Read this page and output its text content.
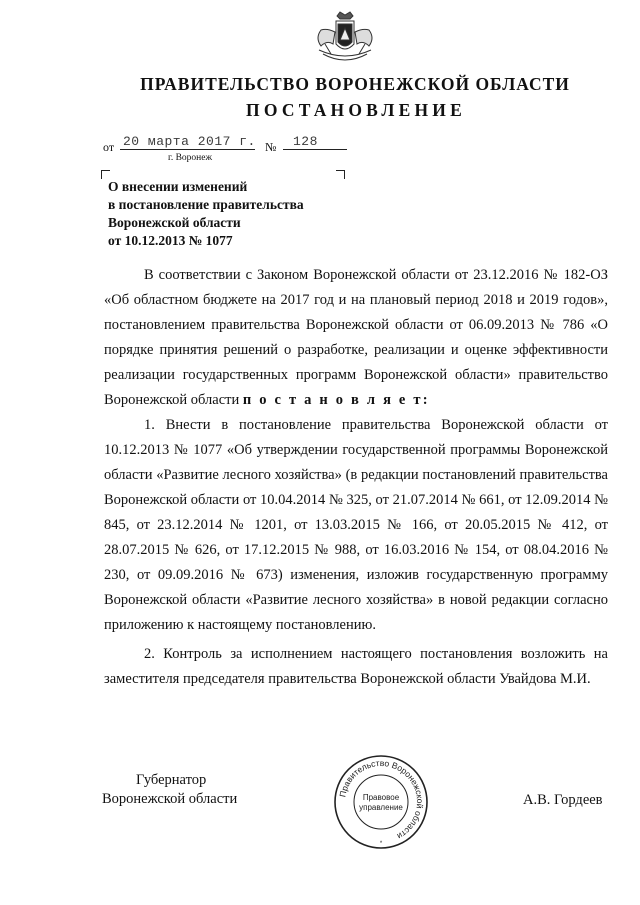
ПРАВИТЕЛЬСТВО ВОРОНЕЖСКОЙ ОБЛАСТИ
ПОСТАНОВЛЕНИЕ
от 20 марта 2017 г. № 128
г. Воронеж
О внесении изменений
в постановление правительства
Воронежской области
от 10.12.2013 № 1077

В соответствии с Законом Воронежской области от 23.12.2016 № 182-ОЗ «Об областном бюджете на 2017 год и на плановый период 2018 и 2019 годов», постановлением правительства Воронежской области от 06.09.2013 № 786 «О порядке принятия решений о разработке, реализации и оценке эффективности реализации государственных программ Воронежской области» правительство Воронежской области п о с т а н о в л я е т:

1. Внести в постановление правительства Воронежской области от 10.12.2013 № 1077 «Об утверждении государственной программы Воронежской области «Развитие лесного хозяйства» (в редакции постановлений правительства Воронежской области от 10.04.2014 № 325, от 21.07.2014 № 661, от 12.09.2014 № 845, от 23.12.2014 № 1201, от 13.03.2015 № 166, от 20.05.2015 № 412, от 28.07.2015 № 626, от 17.12.2015 № 988, от 16.03.2016 № 154, от 08.04.2016 № 230, от 09.09.2016 № 673) изменения, изложив государственную программу Воронежской области «Развитие лесного хозяйства» в новой редакции согласно приложению к настоящему постановлению.

2. Контроль за исполнением настоящего постановления возложить на заместителя председателя правительства Воронежской области Увайдова М.И.

Губернатор
Воронежской области	А.В. Гордеев
Правительство Воронежской области
Правовое
управление
*
